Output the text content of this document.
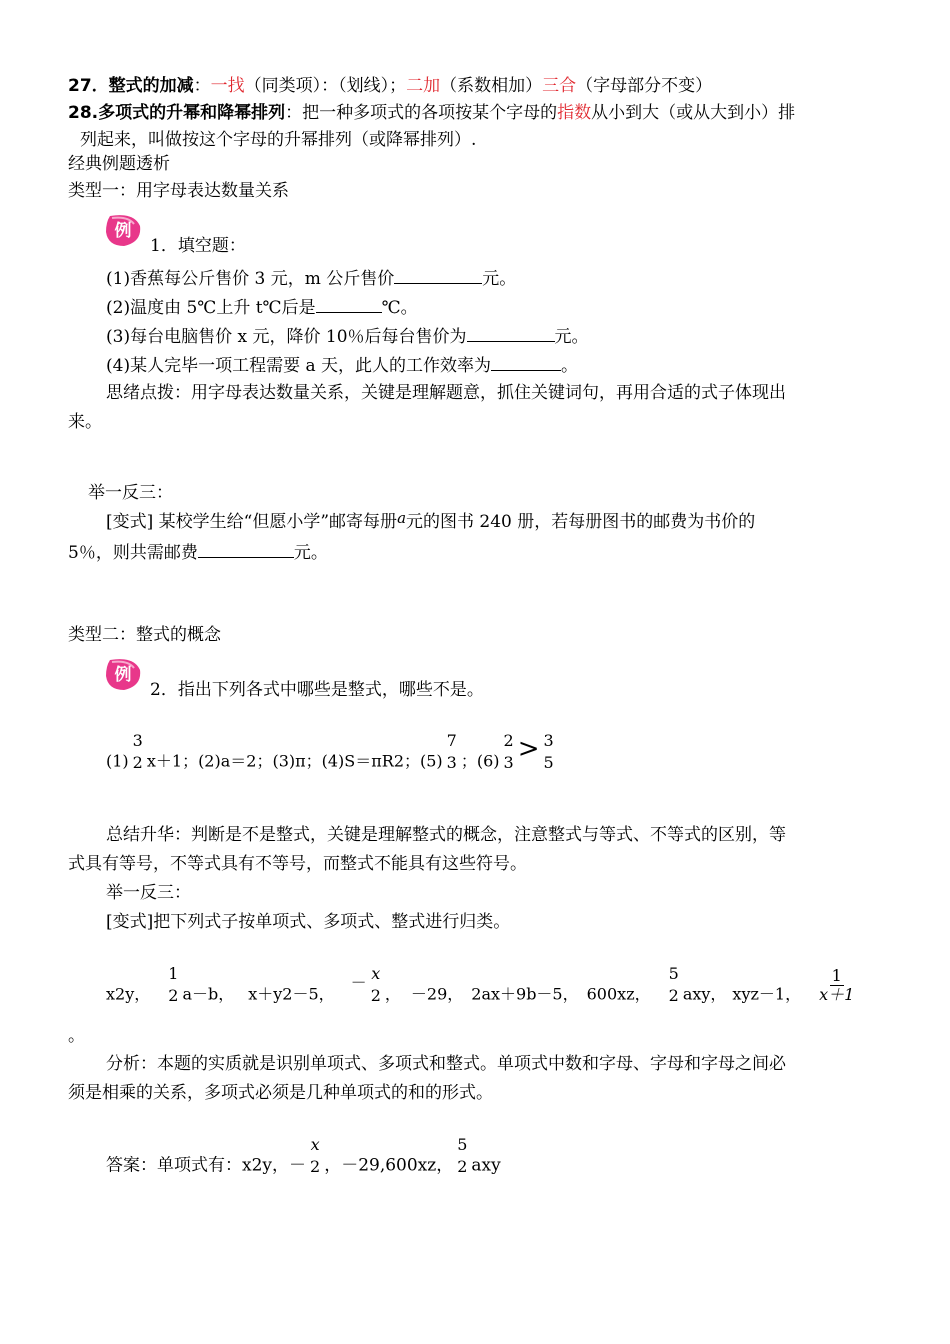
27．整式的加减：一找（同类项）：（划线）；二加（系数相加）三合（字母部分不变）
28.多项式的升幂和降幂排列：把一种多项式的各项按某个字母的指数从小到大（或从大到小）排
列起来，叫做按这个字母的升幂排列（或降幂排列）.
经典例题透析
类型一：用字母表达数量关系
例
1．填空题：
(1)香蕉每公斤售价 3 元，m 公斤售价	元。
(2)温度由 5℃上升 t℃后是	℃。
(3)每台电脑售价 x 元，降价 10％后每台售价为	元。
(4)某人完毕一项工程需要 a 天，此人的工作效率为	。
思绪点拨：用字母表达数量关系，关键是理解题意，抓住关键词句，再用合适的式子体现出
来。
举一反三：
[变式] 某校学生给“但愿小学”邮寄每册a元的图书 240 册，若每册图书的邮费为书价的
5％，则共需邮费	元。
类型二：整式的概念
例
2．指出下列各式中哪些是整式，哪些不是。
(1)
3
2 x＋1；(2)a＝2；(3)π；(4)S＝πR2；(5)
7
3 ；(6)
2
3 > 3
5
总结升华：判断是不是整式，关键是理解整式的概念，注意整式与等式、不等式的区别，等
式具有等号，不等式具有不等号，而整式不能具有这些符号。
举一反三：
[变式]把下列式子按单项式、多项式、整式进行归类。
x2y，
1
2 a－b， x＋y2－5，－ x
2 ， －29， 2ax＋9b－5， 600xz，
5
2 axy， xyz－1， $\frac{1}{x+1}$
。
分析：本题的实质就是识别单项式、多项式和整式。单项式中数和字母、字母和字母之间必
须是相乘的关系，多项式必须是几种单项式的和的形式。
答案：单项式有：x2y，－
x
2 ，－29,600xz，
5
2 axy
